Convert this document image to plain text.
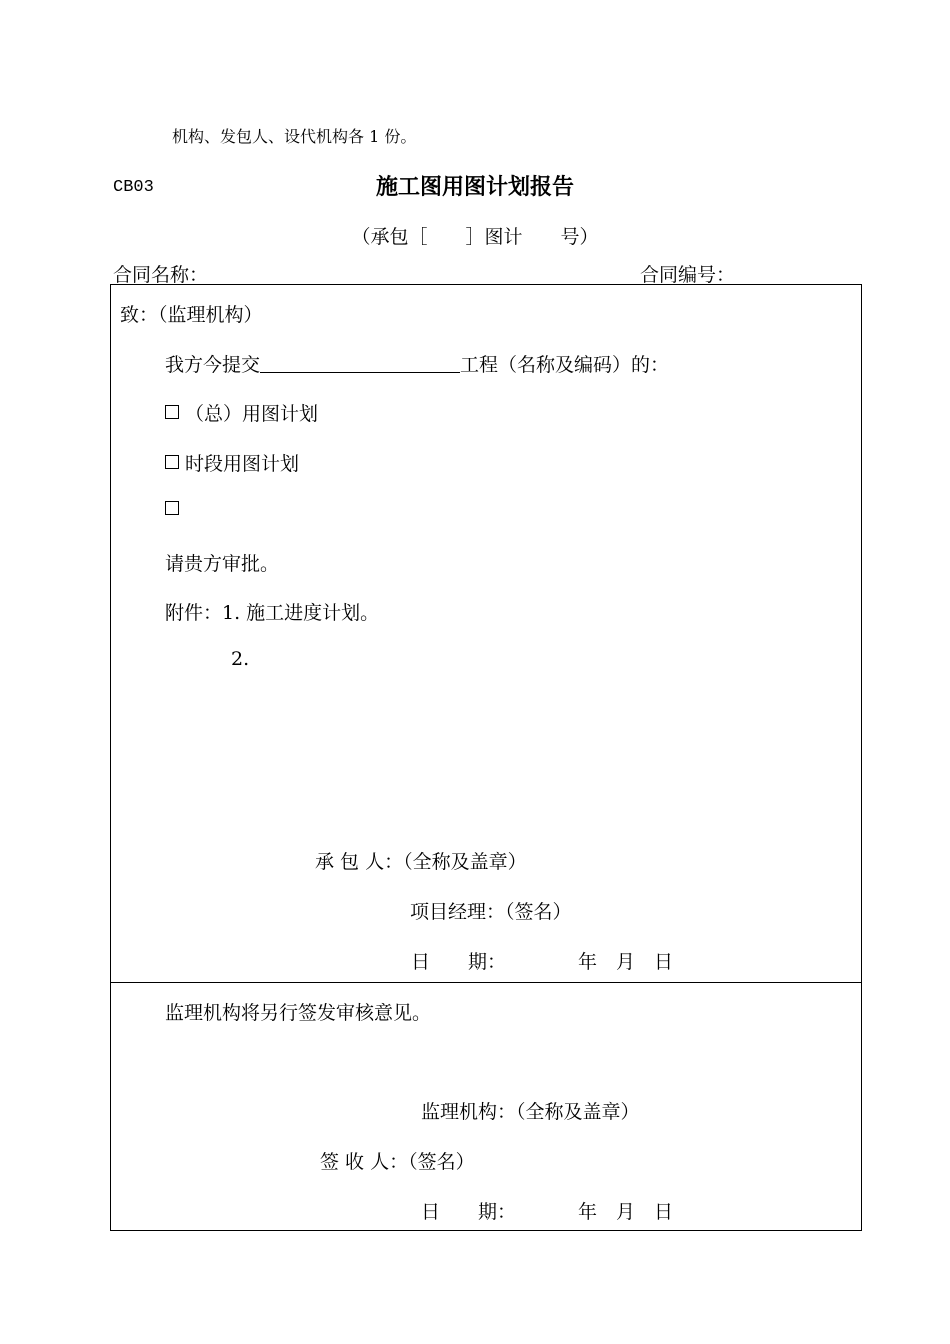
机构、发包人、设代机构各 1 份。
CB03	施工图用图计划报告
（承包［　　］图计　　号）
合同名称：	合同编号：
致：（监理机构）
我方今提交	工程（名称及编码）的：
（总）用图计划
时段用图计划
请贵方审批。
附件：1. 施工进度计划。
2.
承 包 人：（全称及盖章）
项目经理：（签名）
日　　期：	年　月　日
监理机构将另行签发审核意见。
监理机构：（全称及盖章）
签 收 人：（签名）
日　　期：	年　月　日
